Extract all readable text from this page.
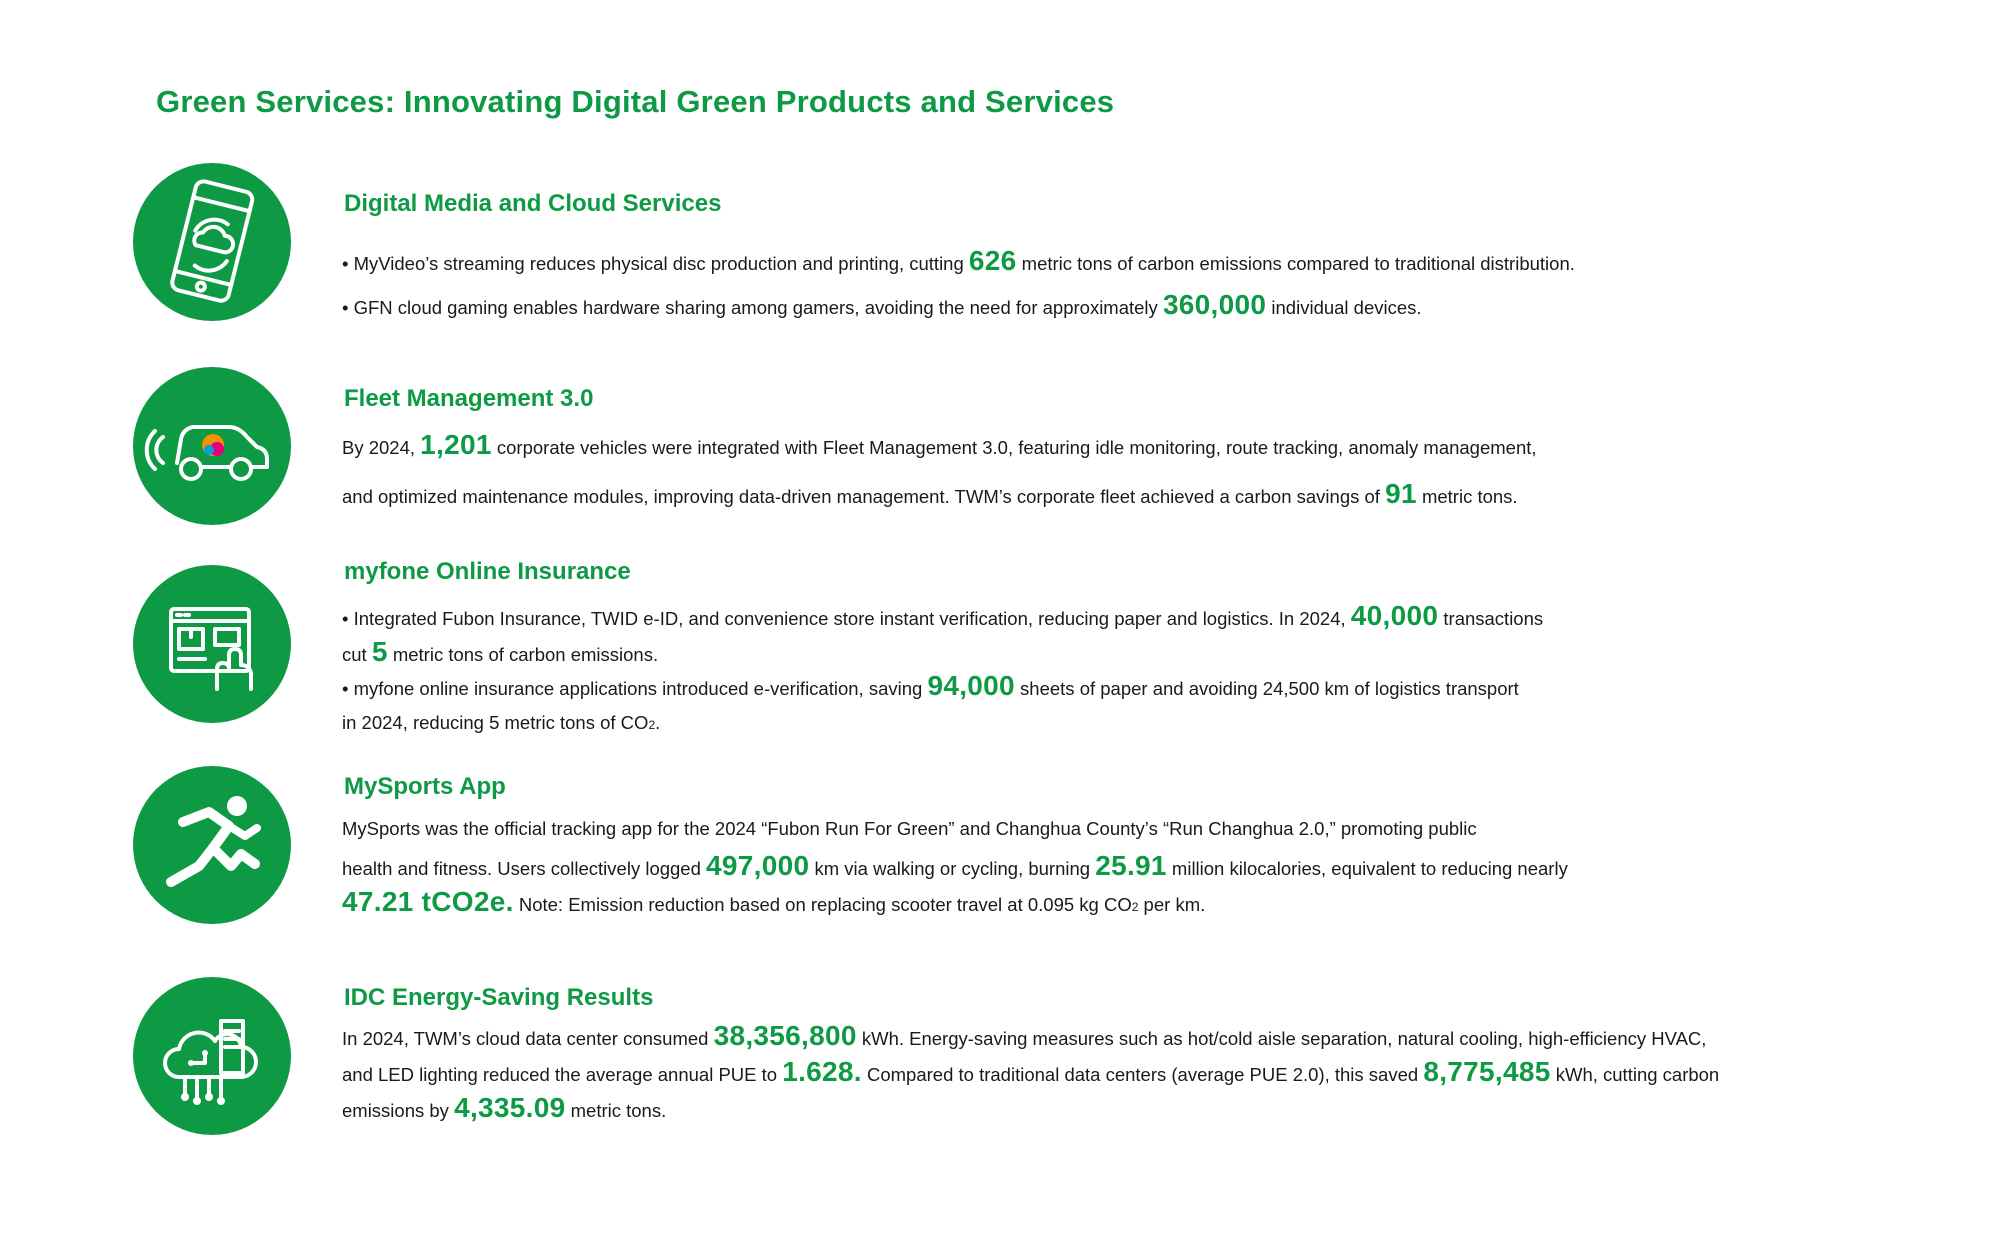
Green Services: Innovating Digital Green Products and Services
Digital Media and Cloud Services
• MyVideo’s streaming reduces physical disc production and printing, cutting 626 metric tons of carbon emissions compared to traditional distribution.
• GFN cloud gaming enables hardware sharing among gamers, avoiding the need for approximately 360,000 individual devices.
Fleet Management 3.0
By 2024, 1,201 corporate vehicles were integrated with Fleet Management 3.0, featuring idle monitoring, route tracking, anomaly management,
and optimized maintenance modules, improving data-driven management. TWM’s corporate fleet achieved a carbon savings of 91 metric tons.
myfone Online Insurance
• Integrated Fubon Insurance, TWID e-ID, and convenience store instant verification, reducing paper and logistics. In 2024, 40,000 transactions
cut 5 metric tons of carbon emissions.
• myfone online insurance applications introduced e-verification, saving 94,000 sheets of paper and avoiding 24,500 km of logistics transport
in 2024, reducing 5 metric tons of CO2.
MySports App
MySports was the official tracking app for the 2024 “Fubon Run For Green” and Changhua County’s “Run Changhua 2.0,” promoting public
health and fitness. Users collectively logged 497,000 km via walking or cycling, burning 25.91 million kilocalories, equivalent to reducing nearly
47.21 tCO2e. Note: Emission reduction based on replacing scooter travel at 0.095 kg CO2 per km.
IDC Energy-Saving Results
In 2024, TWM’s cloud data center consumed 38,356,800 kWh. Energy-saving measures such as hot/cold aisle separation, natural cooling, high-efficiency HVAC,
and LED lighting reduced the average annual PUE to 1.628. Compared to traditional data centers (average PUE 2.0), this saved 8,775,485 kWh, cutting carbon
emissions by 4,335.09 metric tons.
